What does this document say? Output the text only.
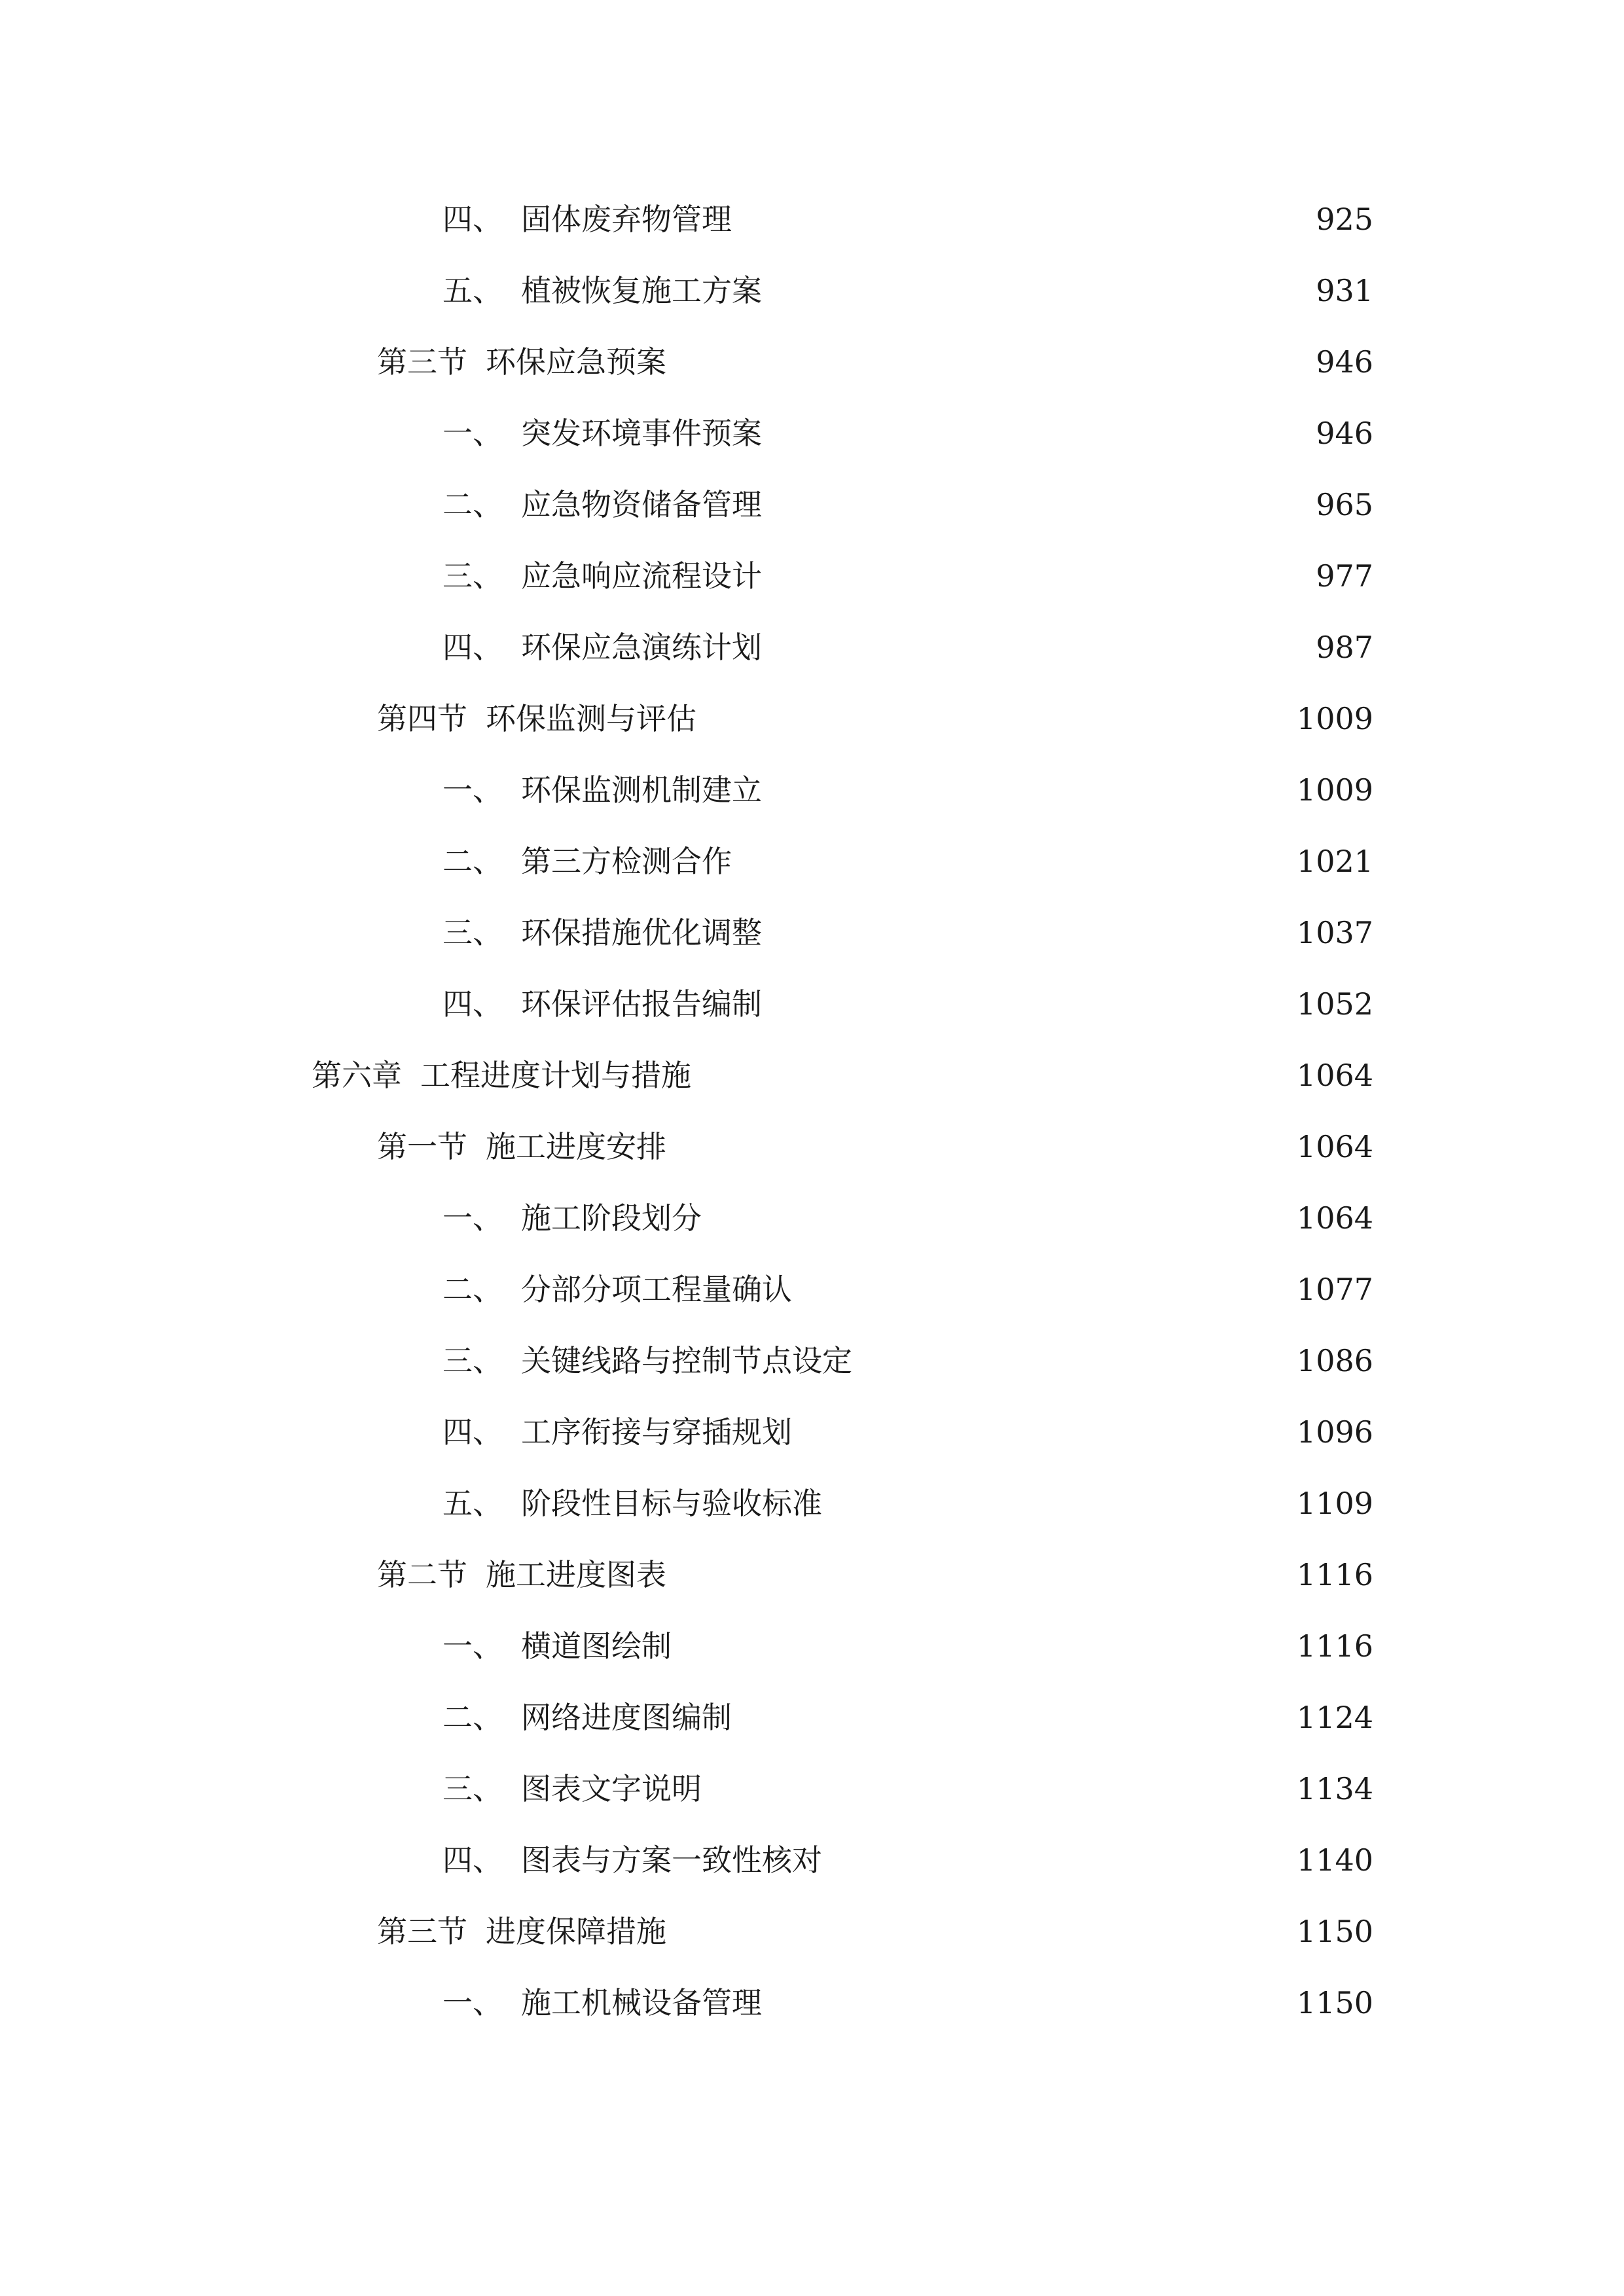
四、 固体废弃物管理	925
五、 植被恢复施工方案	931
第三节 环保应急预案	946
一、 突发环境事件预案	946
二、 应急物资储备管理	965
三、 应急响应流程设计	977
四、 环保应急演练计划	987
第四节 环保监测与评估	1009
一、 环保监测机制建立	1009
二、 第三方检测合作	1021
三、 环保措施优化调整	1037
四、 环保评估报告编制	1052
第六章 工程进度计划与措施	1064
第一节 施工进度安排	1064
一、 施工阶段划分	1064
二、 分部分项工程量确认	1077
三、 关键线路与控制节点设定	1086
四、 工序衔接与穿插规划	1096
五、 阶段性目标与验收标准	1109
第二节 施工进度图表	1116
一、 横道图绘制	1116
二、 网络进度图编制	1124
三、 图表文字说明	1134
四、 图表与方案一致性核对	1140
第三节 进度保障措施	1150
一、 施工机械设备管理	1150
